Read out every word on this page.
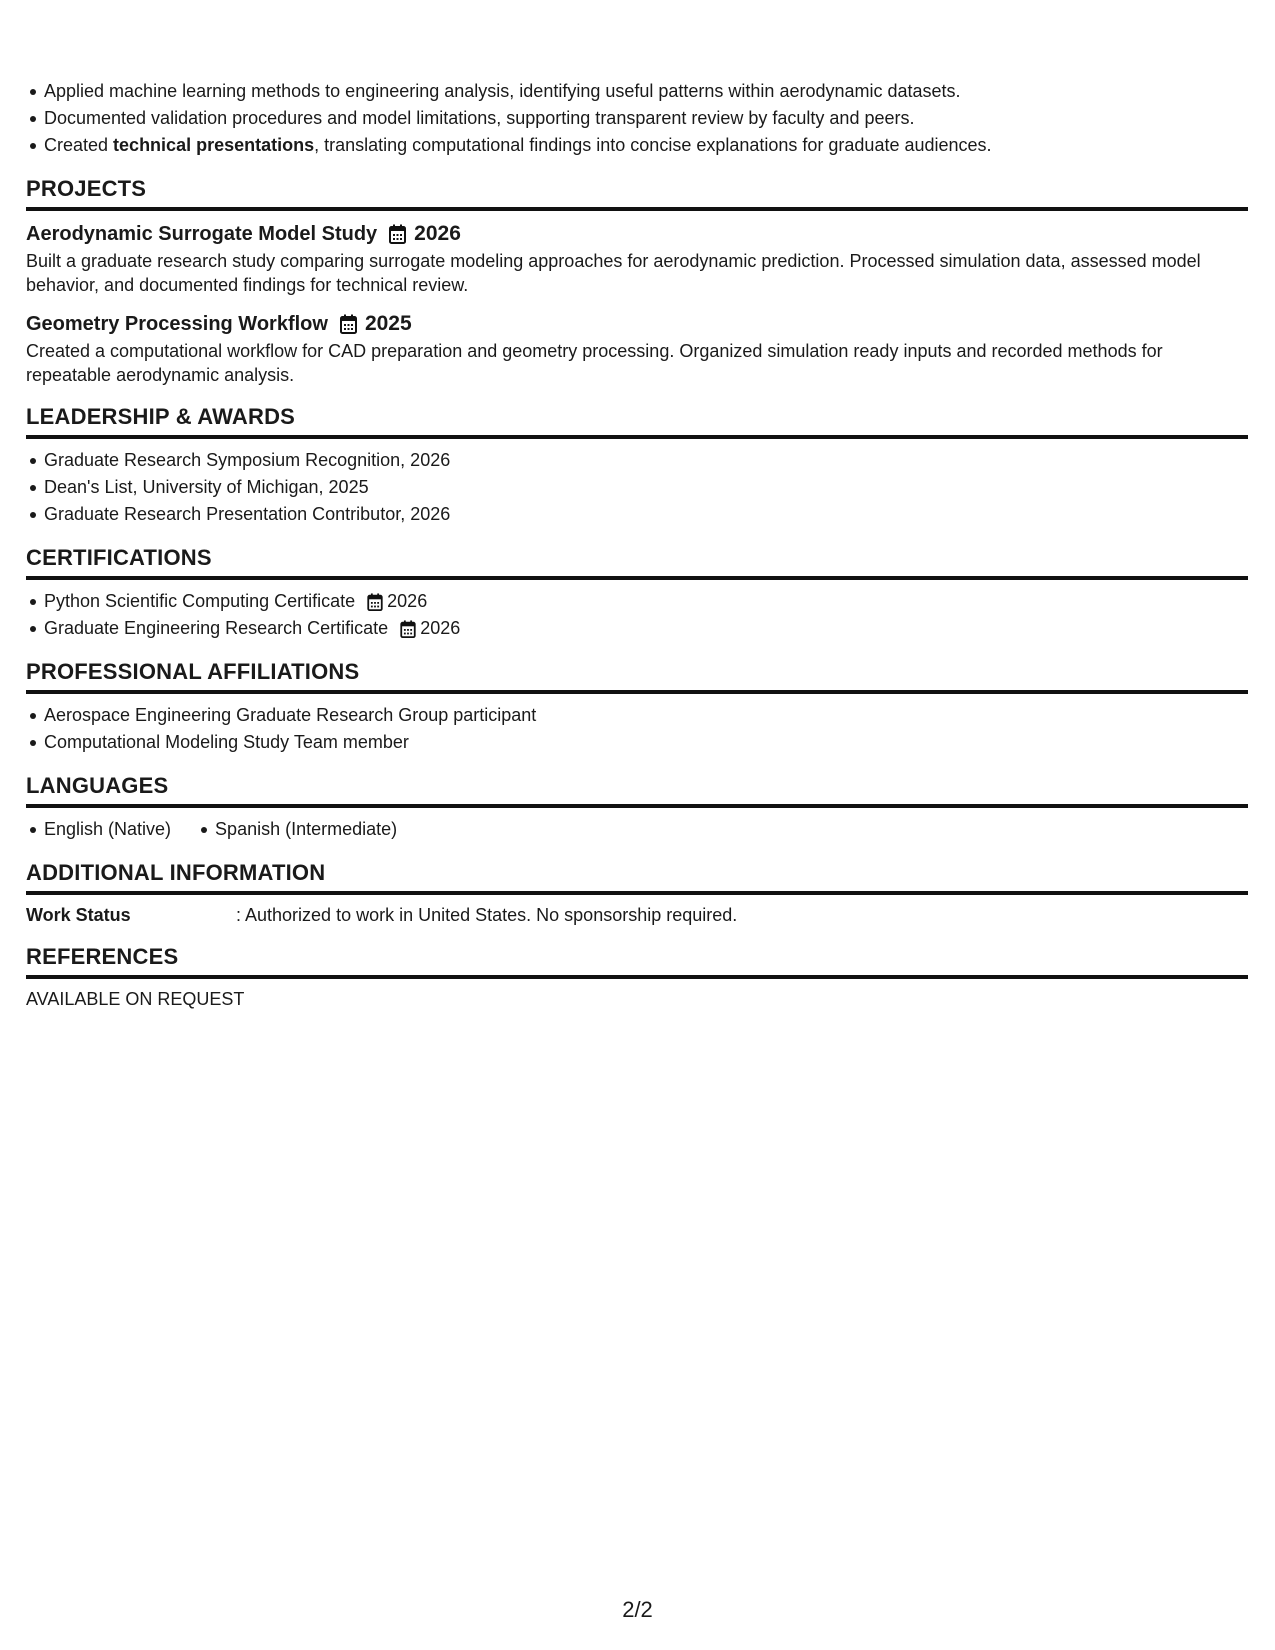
Applied machine learning methods to engineering analysis, identifying useful patterns within aerodynamic datasets.
Documented validation procedures and model limitations, supporting transparent review by faculty and peers.
Created technical presentations, translating computational findings into concise explanations for graduate audiences.
PROJECTS
Aerodynamic Surrogate Model Study 2026
Built a graduate research study comparing surrogate modeling approaches for aerodynamic prediction. Processed simulation data, assessed model behavior, and documented findings for technical review.
Geometry Processing Workflow 2025
Created a computational workflow for CAD preparation and geometry processing. Organized simulation ready inputs and recorded methods for repeatable aerodynamic analysis.
LEADERSHIP & AWARDS
Graduate Research Symposium Recognition, 2026
Dean's List, University of Michigan, 2025
Graduate Research Presentation Contributor, 2026
CERTIFICATIONS
Python Scientific Computing Certificate 2026
Graduate Engineering Research Certificate 2026
PROFESSIONAL AFFILIATIONS
Aerospace Engineering Graduate Research Group participant
Computational Modeling Study Team member
LANGUAGES
English (Native) Spanish (Intermediate)
ADDITIONAL INFORMATION
Work Status	: Authorized to work in United States. No sponsorship required.
REFERENCES
AVAILABLE ON REQUEST
2/2
